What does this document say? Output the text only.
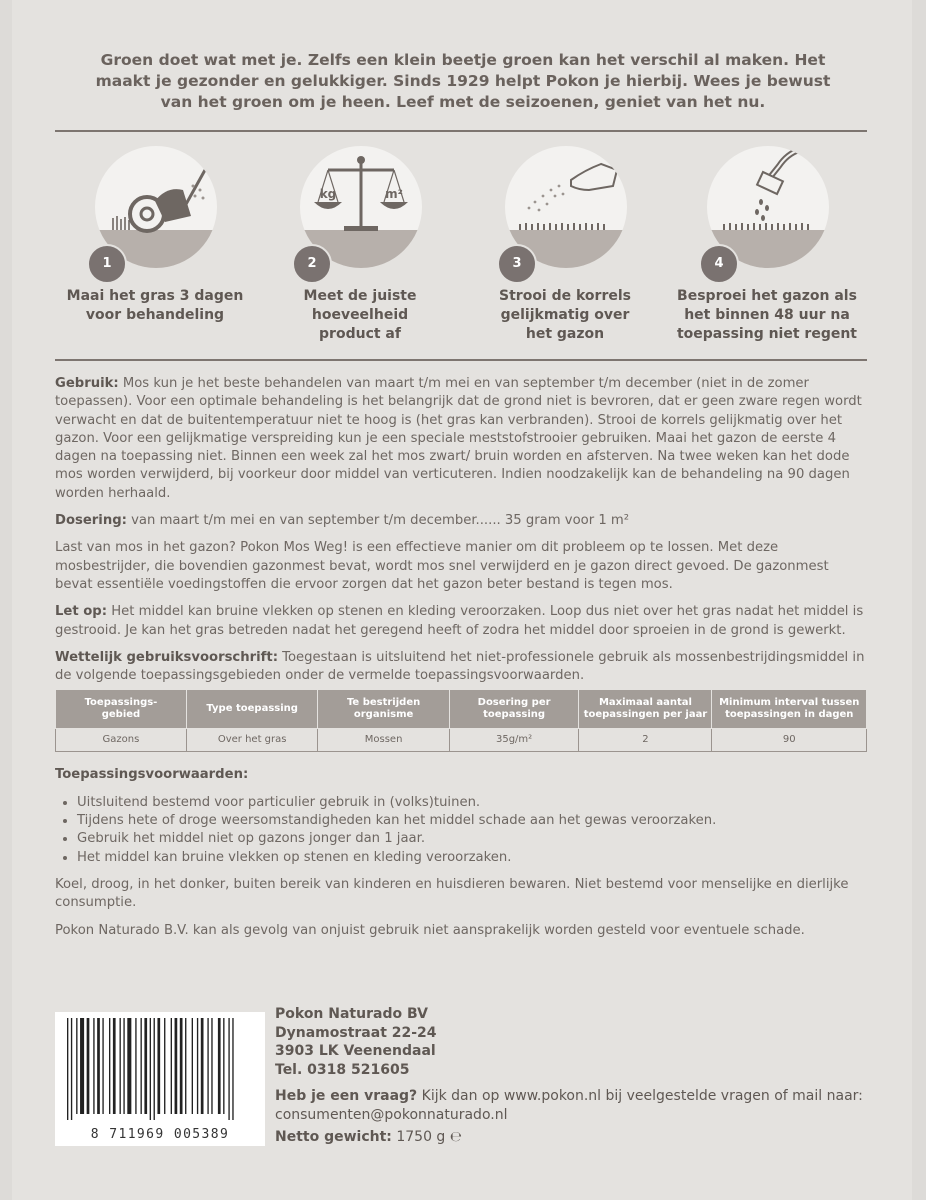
Groen doet wat met je. Zelfs een klein beetje groen kan het verschil al maken. Het
maakt je gezonder en gelukkiger. Sinds 1929 helpt Pokon je hierbij. Wees je bewust
van het groen om je heen. Leef met de seizoenen, geniet van het nu.
1
Maai het gras 3 dagen
voor behandeling
kg	m²
2
Meet de juiste
hoeveelheid
product af
3
Strooi de korrels
gelijkmatig over
het gazon
4
Besproei het gazon als
het binnen 48 uur na
toepassing niet regent

Gebruik: Mos kun je het beste behandelen van maart t/m mei en van september t/m december (niet in de zomer toepassen). Voor een optimale behandeling is het belangrijk dat de grond niet is bevroren, dat er geen zware regen wordt verwacht en dat de buitentemperatuur niet te hoog is (het gras kan verbranden). Strooi de korrels gelijkmatig over het gazon. Voor een gelijkmatige verspreiding kun je een speciale meststofstrooier gebruiken. Maai het gazon de eerste 4 dagen na toepassing niet. Binnen een week zal het mos zwart/ bruin worden en afsterven. Na twee weken kan het dode mos worden verwijderd, bij voorkeur door middel van verticuteren. Indien noodzakelijk kan de behandeling na 90 dagen worden herhaald.

Dosering: van maart t/m mei en van september t/m december...... 35 gram voor 1 m²

Last van mos in het gazon? Pokon Mos Weg! is een effectieve manier om dit probleem op te lossen. Met deze mosbestrijder, die bovendien gazonmest bevat, wordt mos snel verwijderd en je gazon direct gevoed. De gazonmest bevat essentiële voedingstoffen die ervoor zorgen dat het gazon beter bestand is tegen mos.

Let op: Het middel kan bruine vlekken op stenen en kleding veroorzaken. Loop dus niet over het gras nadat het middel is gestrooid. Je kan het gras betreden nadat het geregend heeft of zodra het middel door sproeien in de grond is gewerkt.

Wettelijk gebruiksvoorschrift: Toegestaan is uitsluitend het niet-professionele gebruik als mossenbestrijdingsmiddel in de volgende toepassingsgebieden onder de vermelde toepassingsvoorwaarden.

Toepassings-
gebied	Type toepassing	Te bestrijden
organisme	Dosering per
toepassing	Maximaal aantal
toepassingen per jaar	Minimum interval tussen
toepassingen in dagen
Gazons	Over het gras	Mossen	35g/m²	2	90

Toepassingsvoorwaarden:

• Uitsluitend bestemd voor particulier gebruik in (volks)tuinen.
• Tijdens hete of droge weersomstandigheden kan het middel schade aan het gewas veroorzaken.
• Gebruik het middel niet op gazons jonger dan 1 jaar.
• Het middel kan bruine vlekken op stenen en kleding veroorzaken.

Koel, droog, in het donker, buiten bereik van kinderen en huisdieren bewaren. Niet bestemd voor menselijke en dierlijke consumptie.

Pokon Naturado B.V. kan als gevolg van onjuist gebruik niet aansprakelijk worden gesteld voor eventuele schade.

8 711969 005389
Pokon Naturado BV
Dynamostraat 22-24
3903 LK Veenendaal
Tel. 0318 521605
Heb je een vraag? Kijk dan op www.pokon.nl bij veelgestelde vragen of mail naar: consumenten@pokonnaturado.nl
Netto gewicht: 1750 g ℮
